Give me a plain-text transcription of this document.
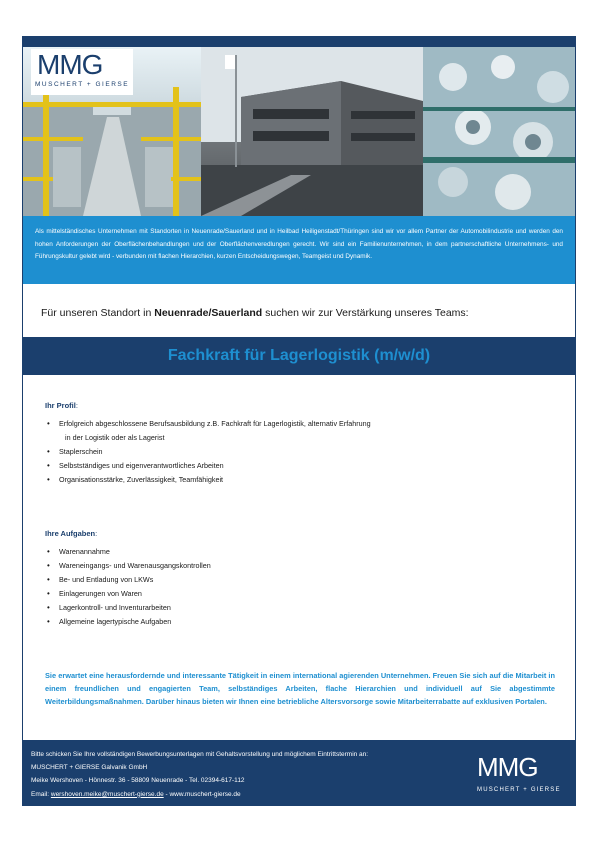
MMG
MUSCHERT + GIERSE
Als mittelständisches Unternehmen mit Standorten in Neuenrade/Sauerland und in Heilbad Heiligenstadt/Thüringen sind wir vor allem Partner der Automobilindustrie und werden den hohen Anforderungen der Oberflächenbehandlungen und der Oberflächenveredlungen gerecht. Wir sind ein Familienunternehmen, in dem partnerschaftliche Unternehmens- und Führungskultur gelebt wird - verbunden mit flachen Hierarchien, kurzen Entscheidungswegen, Teamgeist und Dynamik.
Für unseren Standort in Neuenrade/Sauerland suchen wir zur Verstärkung unseres Teams:
Fachkraft für Lagerlogistik (m/w/d)
Ihr Profil:
• Erfolgreich abgeschlossene Berufsausbildung z.B. Fachkraft für Lagerlogistik, alternativ Erfahrung
in der Logistik oder als Lagerist
• Staplerschein
• Selbstständiges und eigenverantwortliches Arbeiten
• Organisationsstärke, Zuverlässigkeit, Teamfähigkeit
Ihre Aufgaben:
• Warenannahme
• Wareneingangs- und Warenausgangskontrollen
• Be- und Entladung von LKWs
• Einlagerungen von Waren
• Lagerkontroll- und Inventurarbeiten
• Allgemeine lagertypische Aufgaben
Sie erwartet eine herausfordernde und interessante Tätigkeit in einem international agierenden Unternehmen. Freuen Sie sich auf die Mitarbeit in einem freundlichen und engagierten Team, selbständiges Arbeiten, flache Hierarchien und individuell auf Sie abgestimmte Weiterbildungsmaßnahmen. Darüber hinaus bieten wir Ihnen eine betriebliche Altersvorsorge sowie Mitarbeiterrabatte auf exklusiven Portalen.
Bitte schicken Sie Ihre vollständigen Bewerbungsunterlagen mit Gehaltsvorstellung und möglichem Eintrittstermin an:
MUSCHERT + GIERSE Galvanik GmbH
Meike Wershoven - Hönnestr. 36 - 58809 Neuenrade - Tel. 02394-617-112
Email: wershoven.meike@muschert-gierse.de - www.muschert-gierse.de
MMG
MUSCHERT + GIERSE
